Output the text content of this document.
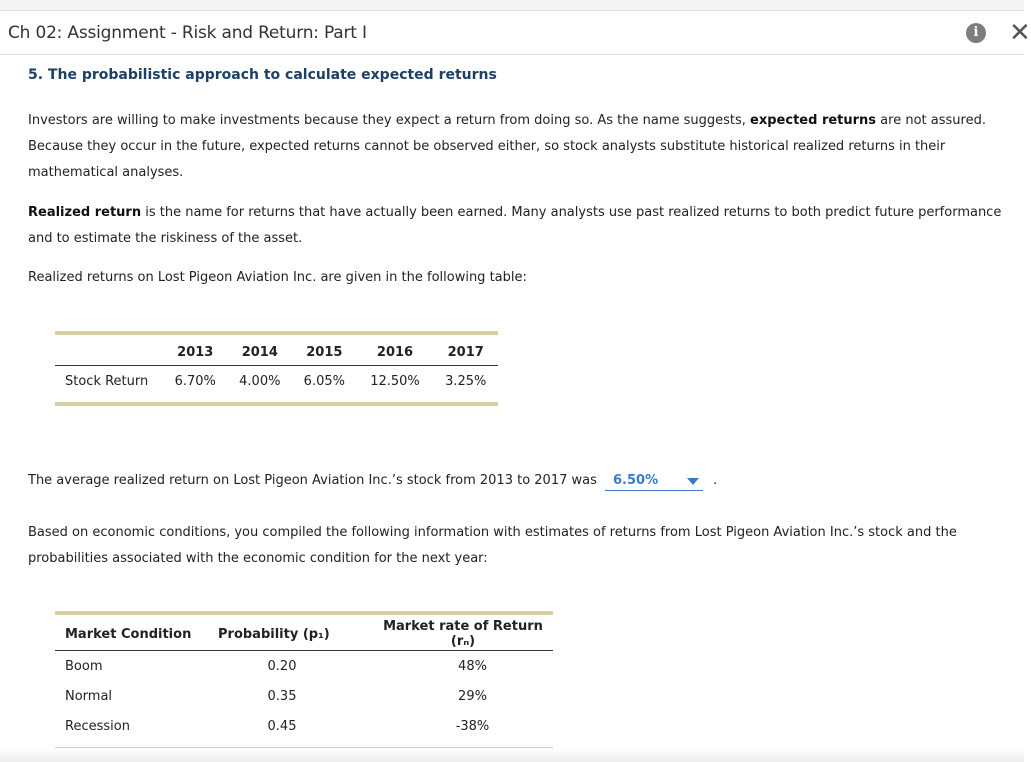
Ch 02: Assignment - Risk and Return: Part I	i ✕
5. The probabilistic approach to calculate expected returns
Investors are willing to make investments because they expect a return from doing so. As the name suggests, expected returns are not assured. Because they occur in the future, expected returns cannot be observed either, so stock analysts substitute historical realized returns in their mathematical analyses.
Realized return is the name for returns that have actually been earned. Many analysts use past realized returns to both predict future performance and to estimate the riskiness of the asset.
Realized returns on Lost Pigeon Aviation Inc. are given in the following table:
	2013	2014	2015	2016	2017
Stock Return	6.70%	4.00%	6.05%	12.50%	3.25%
The average realized return on Lost Pigeon Aviation Inc.’s stock from 2013 to 2017 was 6.50%	.
Based on economic conditions, you compiled the following information with estimates of returns from Lost Pigeon Aviation Inc.’s stock and the probabilities associated with the economic condition for the next year:
Market Condition	Probability (p₁)	Market rate of Return (rₙ)
Boom	0.20	48%
Normal	0.35	29%
Recession	0.45	-38%
